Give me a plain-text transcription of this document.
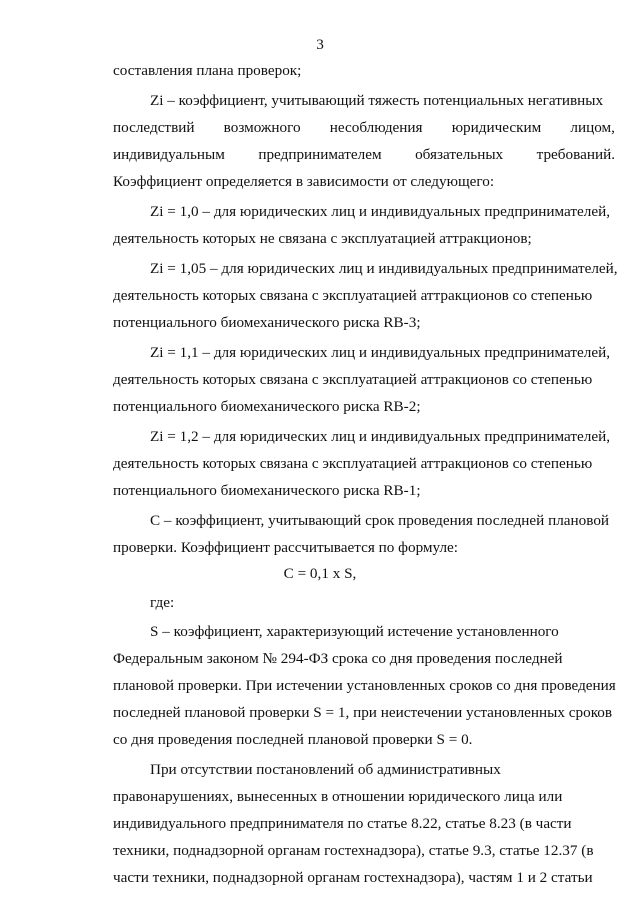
3
составления плана проверок;
Zi – коэффициент, учитывающий тяжесть потенциальных негативных
последствий возможного несоблюдения юридическим лицом,
индивидуальным предпринимателем обязательных требований.
Коэффициент определяется в зависимости от следующего:
Zi = 1,0 – для юридических лиц и индивидуальных предпринимателей,
деятельность которых не связана с эксплуатацией аттракционов;
Zi = 1,05 – для юридических лиц и индивидуальных предпринимателей,
деятельность которых связана с эксплуатацией аттракционов со степенью
потенциального биомеханического риска RB-3;
Zi = 1,1 – для юридических лиц и индивидуальных предпринимателей,
деятельность которых связана с эксплуатацией аттракционов со степенью
потенциального биомеханического риска RB-2;
Zi = 1,2 – для юридических лиц и индивидуальных предпринимателей,
деятельность которых связана с эксплуатацией аттракционов со степенью
потенциального биомеханического риска RB-1;
С – коэффициент, учитывающий срок проведения последней плановой
проверки. Коэффициент рассчитывается по формуле:
C = 0,1 x S,
где:
S – коэффициент, характеризующий истечение установленного
Федеральным законом № 294-ФЗ срока со дня проведения последней
плановой проверки. При истечении установленных сроков со дня проведения
последней плановой проверки S = 1, при неистечении установленных сроков
со дня проведения последней плановой проверки S = 0.
При отсутствии постановлений об административных
правонарушениях, вынесенных в отношении юридического лица или
индивидуального предпринимателя по статье 8.22, статье 8.23 (в части
техники, поднадзорной органам гостехнадзора), статье 9.3, статье 12.37 (в
части техники, поднадзорной органам гостехнадзора), частям 1 и 2 статьи
